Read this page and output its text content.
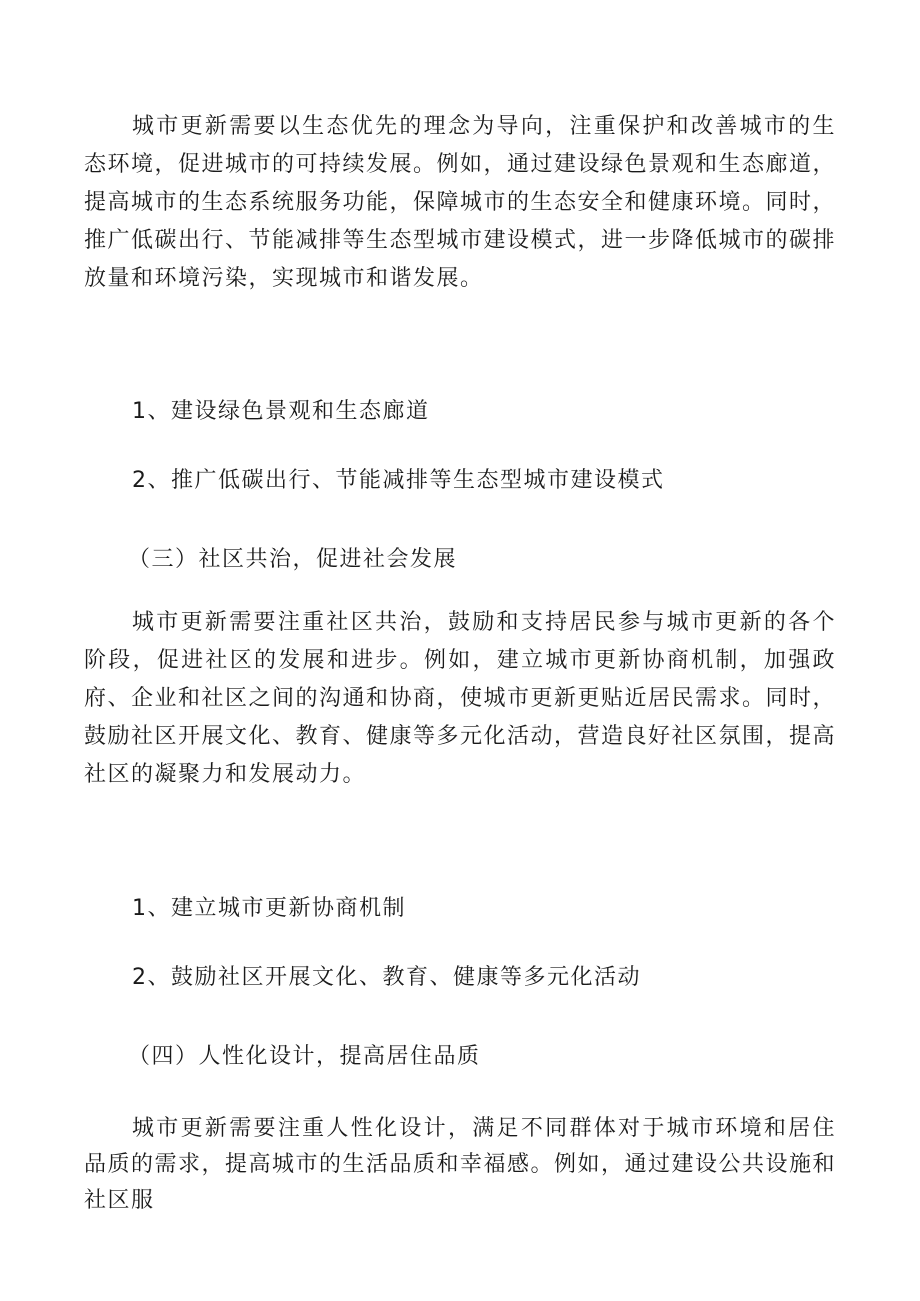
城市更新需要以生态优先的理念为导向，注重保护和改善城市的生态环境，促进城市的可持续发展。例如，通过建设绿色景观和生态廊道，提高城市的生态系统服务功能，保障城市的生态安全和健康环境。同时，推广低碳出行、节能减排等生态型城市建设模式，进一步降低城市的碳排放量和环境污染，实现城市和谐发展。

1、建设绿色景观和生态廊道

2、推广低碳出行、节能减排等生态型城市建设模式

（三）社区共治，促进社会发展

城市更新需要注重社区共治，鼓励和支持居民参与城市更新的各个阶段，促进社区的发展和进步。例如，建立城市更新协商机制，加强政府、企业和社区之间的沟通和协商，使城市更新更贴近居民需求。同时，鼓励社区开展文化、教育、健康等多元化活动，营造良好社区氛围，提高社区的凝聚力和发展动力。

1、建立城市更新协商机制

2、鼓励社区开展文化、教育、健康等多元化活动

（四）人性化设计，提高居住品质

城市更新需要注重人性化设计，满足不同群体对于城市环境和居住品质的需求，提高城市的生活品质和幸福感。例如，通过建设公共设施和社区服
